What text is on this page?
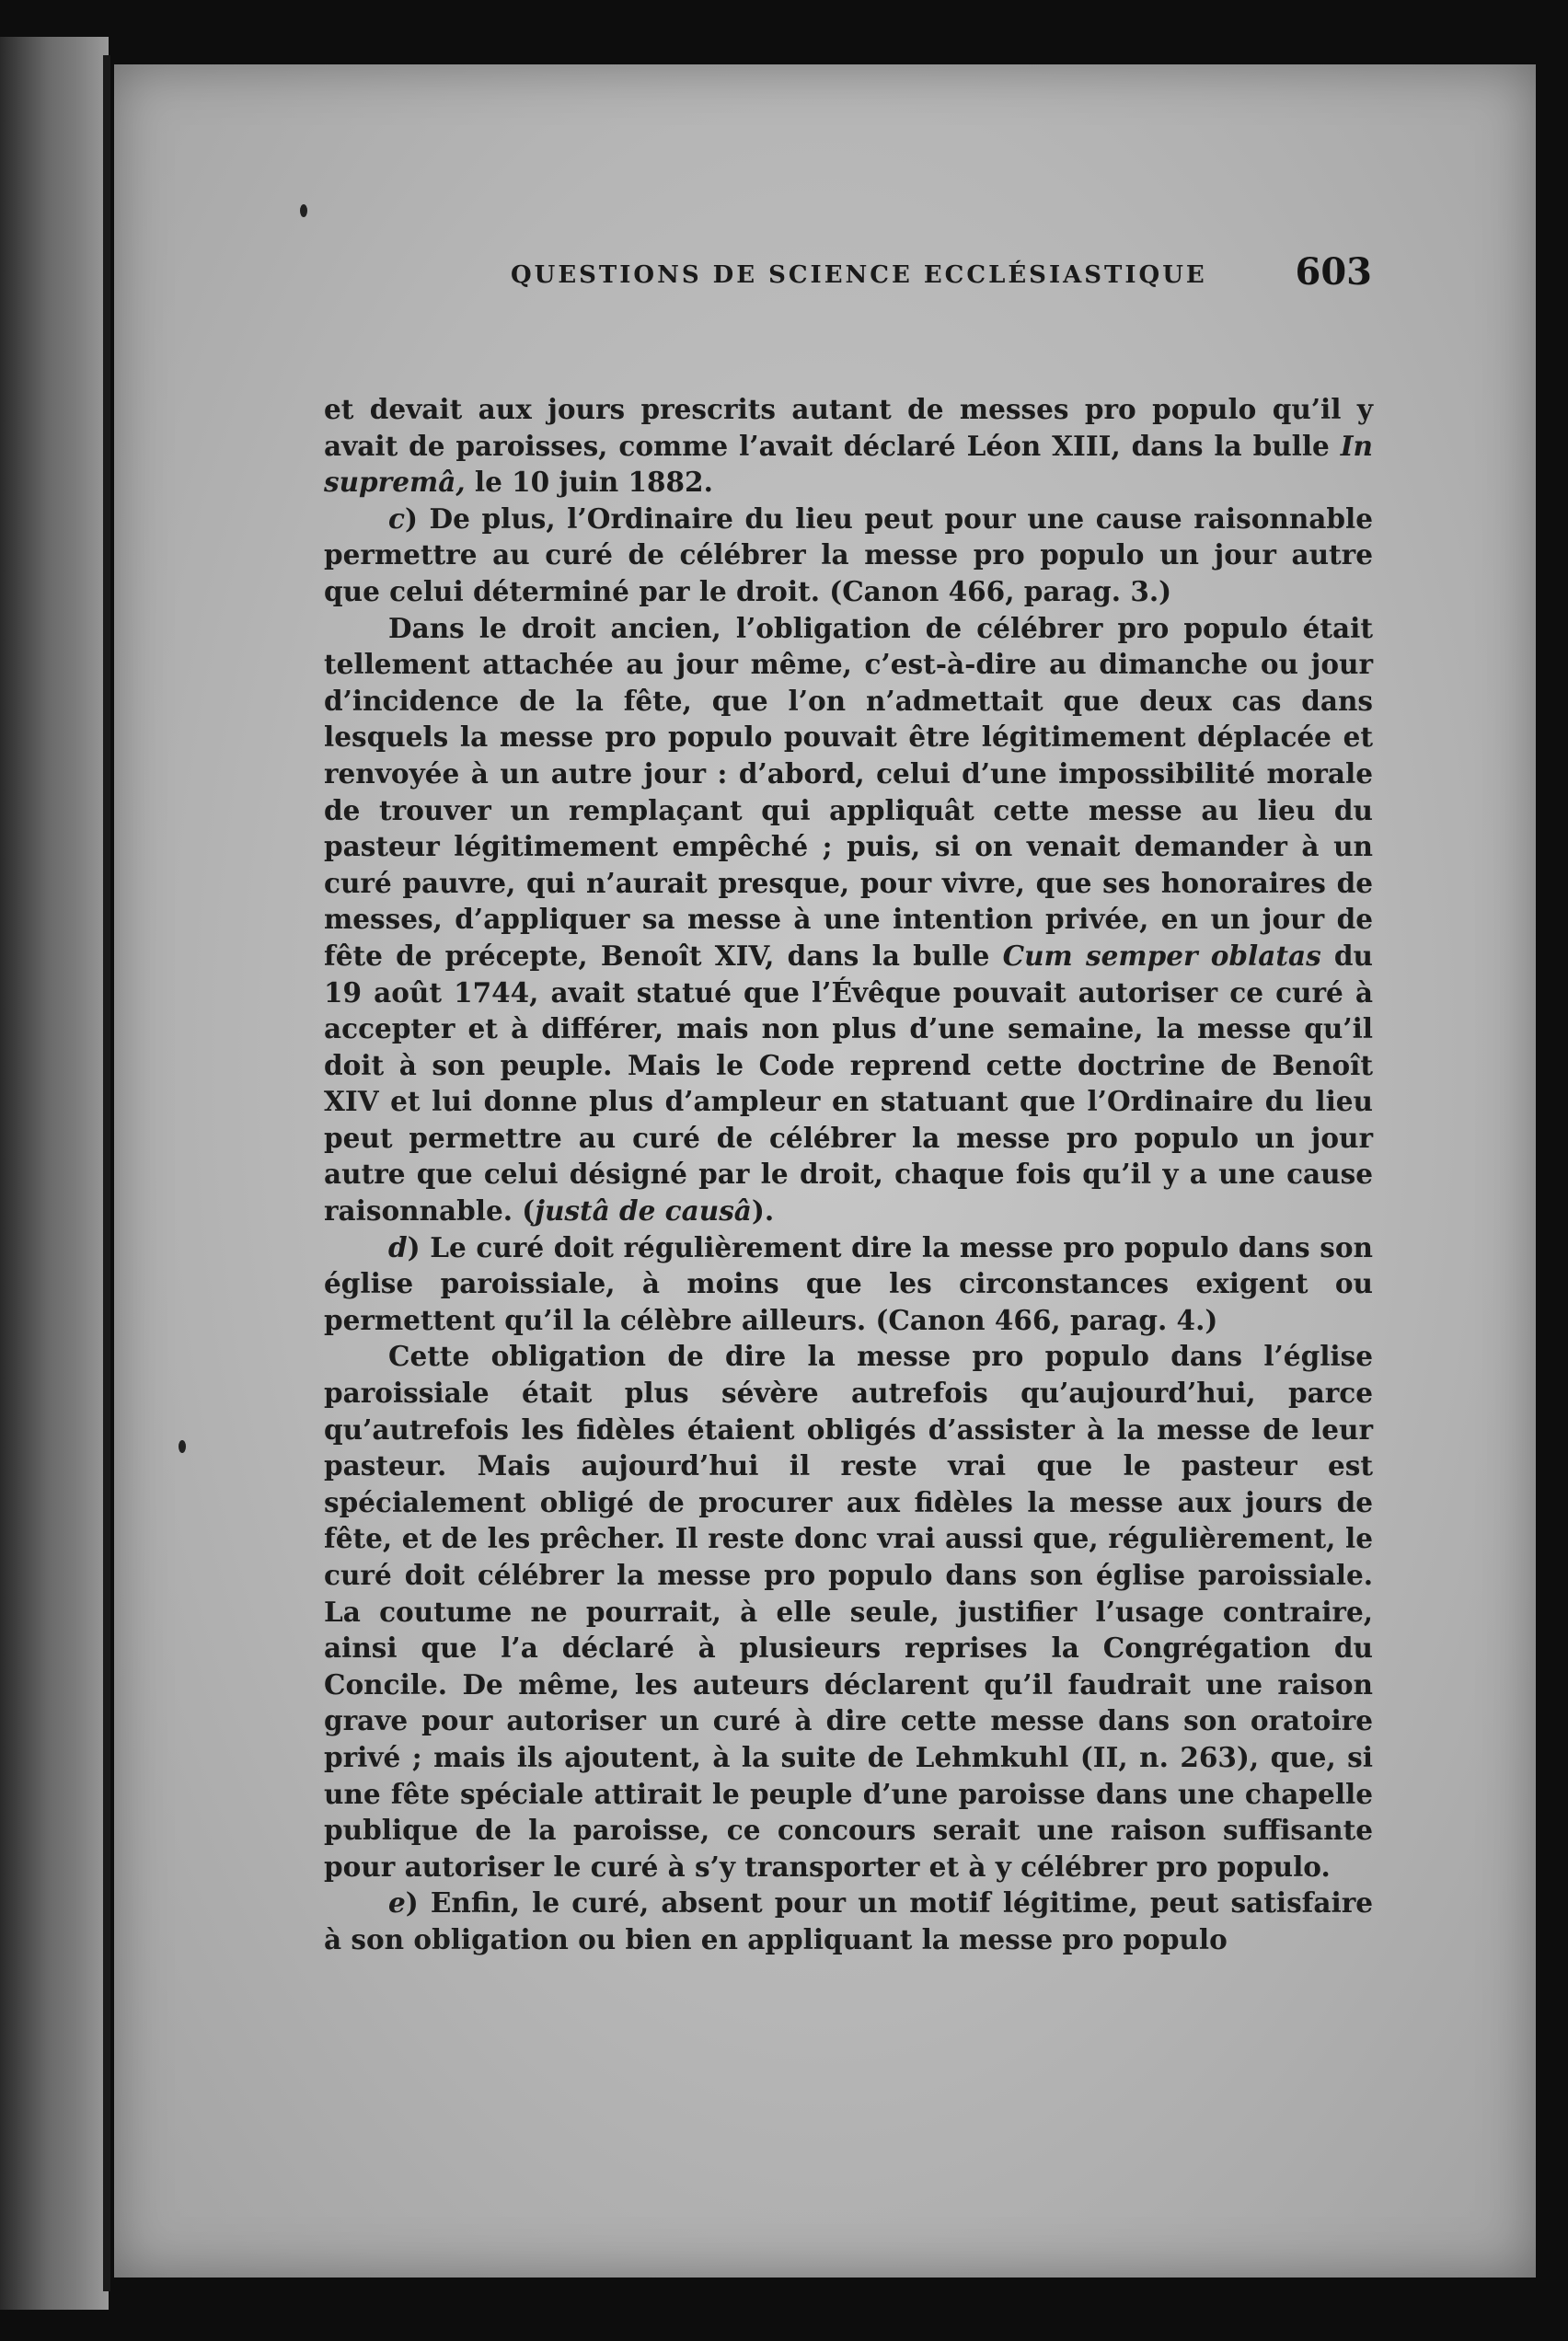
QUESTIONS DE SCIENCE ECCLÉSIASTIQUE 603

et devait aux jours prescrits autant de messes pro populo qu’il y avait de paroisses, comme l’avait déclaré Léon XIII, dans la bulle In supremâ, le 10 juin 1882.

c) De plus, l’Ordinaire du lieu peut pour une cause raisonnable permettre au curé de célébrer la messe pro populo un jour autre que celui déterminé par le droit. (Canon 466, parag. 3.)

Dans le droit ancien, l’obligation de célébrer pro populo était tellement attachée au jour même, c’est-à-dire au dimanche ou jour d’incidence de la fête, que l’on n’admettait que deux cas dans lesquels la messe pro populo pouvait être légitimement déplacée et renvoyée à un autre jour : d’abord, celui d’une impossibilité morale de trouver un remplaçant qui appliquât cette messe au lieu du pasteur légitimement empêché ; puis, si on venait demander à un curé pauvre, qui n’aurait presque, pour vivre, que ses honoraires de messes, d’appliquer sa messe à une intention privée, en un jour de fête de précepte, Benoît XIV, dans la bulle Cum semper oblatas du 19 août 1744, avait statué que l’Évêque pouvait autoriser ce curé à accepter et à différer, mais non plus d’une semaine, la messe qu’il doit à son peuple. Mais le Code reprend cette doctrine de Benoît XIV et lui donne plus d’ampleur en statuant que l’Ordinaire du lieu peut permettre au curé de célébrer la messe pro populo un jour autre que celui désigné par le droit, chaque fois qu’il y a une cause raisonnable. (justâ de causâ).

d) Le curé doit régulièrement dire la messe pro populo dans son église paroissiale, à moins que les circonstances exigent ou permettent qu’il la célèbre ailleurs. (Canon 466, parag. 4.)

Cette obligation de dire la messe pro populo dans l’église paroissiale était plus sévère autrefois qu’aujourd’hui, parce qu’autrefois les fidèles étaient obligés d’assister à la messe de leur pasteur. Mais aujourd’hui il reste vrai que le pasteur est spécialement obligé de procurer aux fidèles la messe aux jours de fête, et de les prêcher. Il reste donc vrai aussi que, régulièrement, le curé doit célébrer la messe pro populo dans son église paroissiale. La coutume ne pourrait, à elle seule, justifier l’usage contraire, ainsi que l’a déclaré à plusieurs reprises la Congrégation du Concile. De même, les auteurs déclarent qu’il faudrait une raison grave pour autoriser un curé à dire cette messe dans son oratoire privé ; mais ils ajoutent, à la suite de Lehmkuhl (II, n. 263), que, si une fête spéciale attirait le peuple d’une paroisse dans une chapelle publique de la paroisse, ce concours serait une raison suffisante pour autoriser le curé à s’y transporter et à y célébrer pro populo.

e) Enfin, le curé, absent pour un motif légitime, peut satisfaire à son obligation ou bien en appliquant la messe pro populo
